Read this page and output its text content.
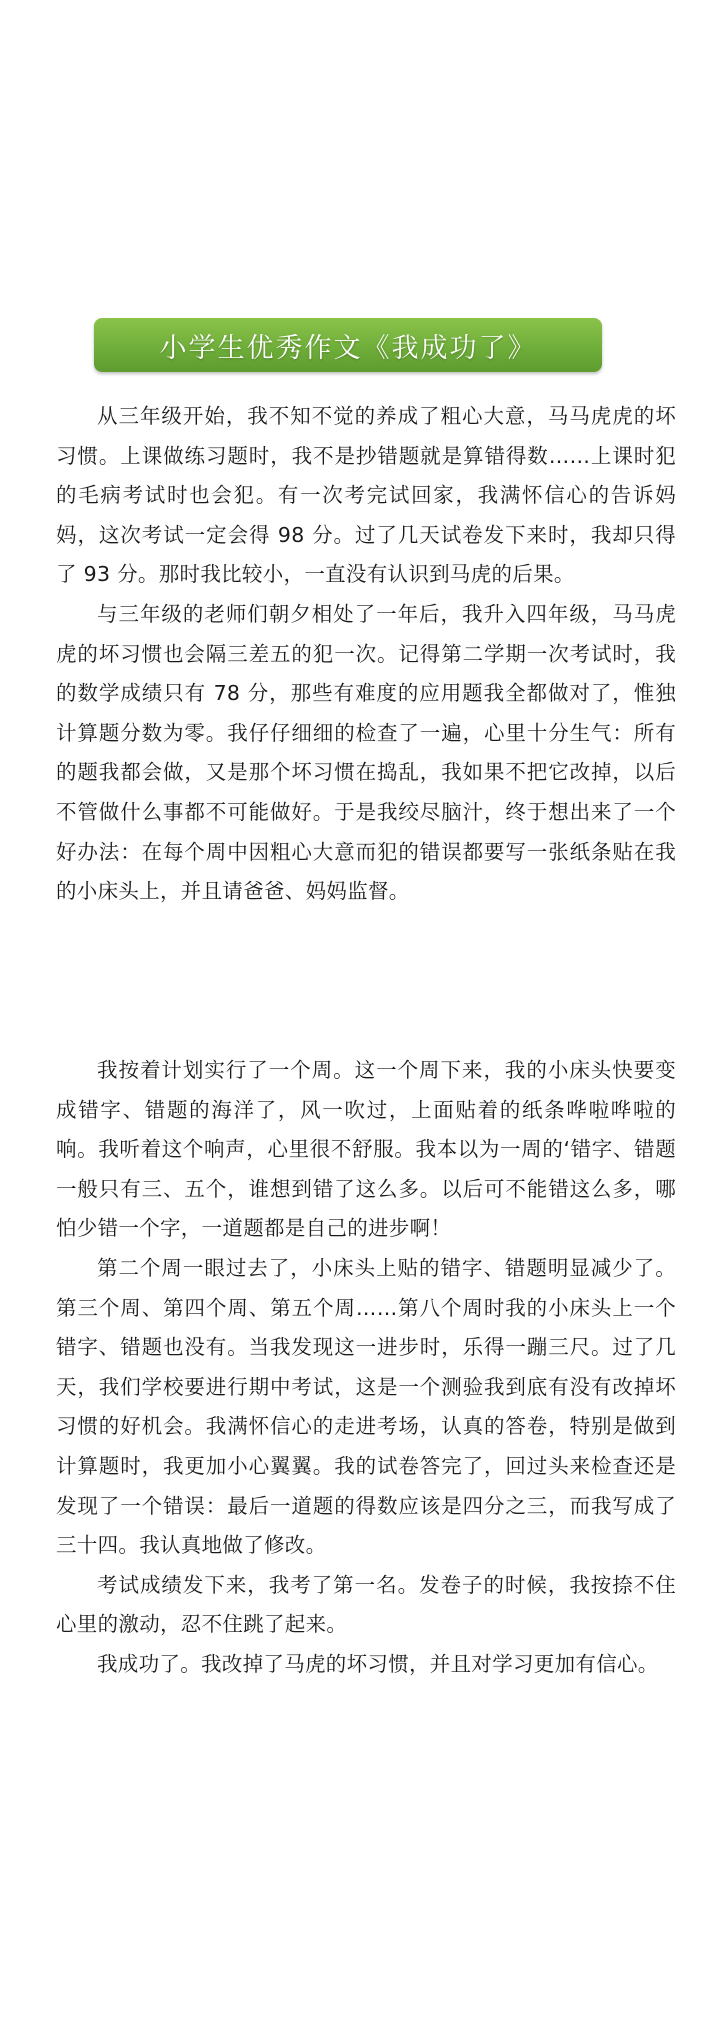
小学生优秀作文《我成功了》

从三年级开始，我不知不觉的养成了粗心大意，马马虎虎的坏习惯。上课做练习题时，我不是抄错题就是算错得数……上课时犯的毛病考试时也会犯。有一次考完试回家，我满怀信心的告诉妈妈，这次考试一定会得 98 分。过了几天试卷发下来时，我却只得了 93 分。那时我比较小，一直没有认识到马虎的后果。

与三年级的老师们朝夕相处了一年后，我升入四年级，马马虎虎的坏习惯也会隔三差五的犯一次。记得第二学期一次考试时，我的数学成绩只有 78 分，那些有难度的应用题我全都做对了，惟独计算题分数为零。我仔仔细细的检查了一遍，心里十分生气：所有的题我都会做，又是那个坏习惯在捣乱，我如果不把它改掉，以后不管做什么事都不可能做好。于是我绞尽脑汁，终于想出来了一个好办法：在每个周中因粗心大意而犯的错误都要写一张纸条贴在我的小床头上，并且请爸爸、妈妈监督。

我按着计划实行了一个周。这一个周下来，我的小床头快要变成错字、错题的海洋了，风一吹过，上面贴着的纸条哗啦哗啦的响。我听着这个响声，心里很不舒服。我本以为一周的‘错字、错题一般只有三、五个，谁想到错了这么多。以后可不能错这么多，哪怕少错一个字，一道题都是自己的进步啊！

第二个周一眼过去了，小床头上贴的错字、错题明显减少了。第三个周、第四个周、第五个周……第八个周时我的小床头上一个错字、错题也没有。当我发现这一进步时，乐得一蹦三尺。过了几天，我们学校要进行期中考试，这是一个测验我到底有没有改掉坏习惯的好机会。我满怀信心的走进考场，认真的答卷，特别是做到计算题时，我更加小心翼翼。我的试卷答完了，回过头来检查还是发现了一个错误：最后一道题的得数应该是四分之三，而我写成了三十四。我认真地做了修改。

考试成绩发下来，我考了第一名。发卷子的时候，我按捺不住心里的激动，忍不住跳了起来。

我成功了。我改掉了马虎的坏习惯，并且对学习更加有信心。
